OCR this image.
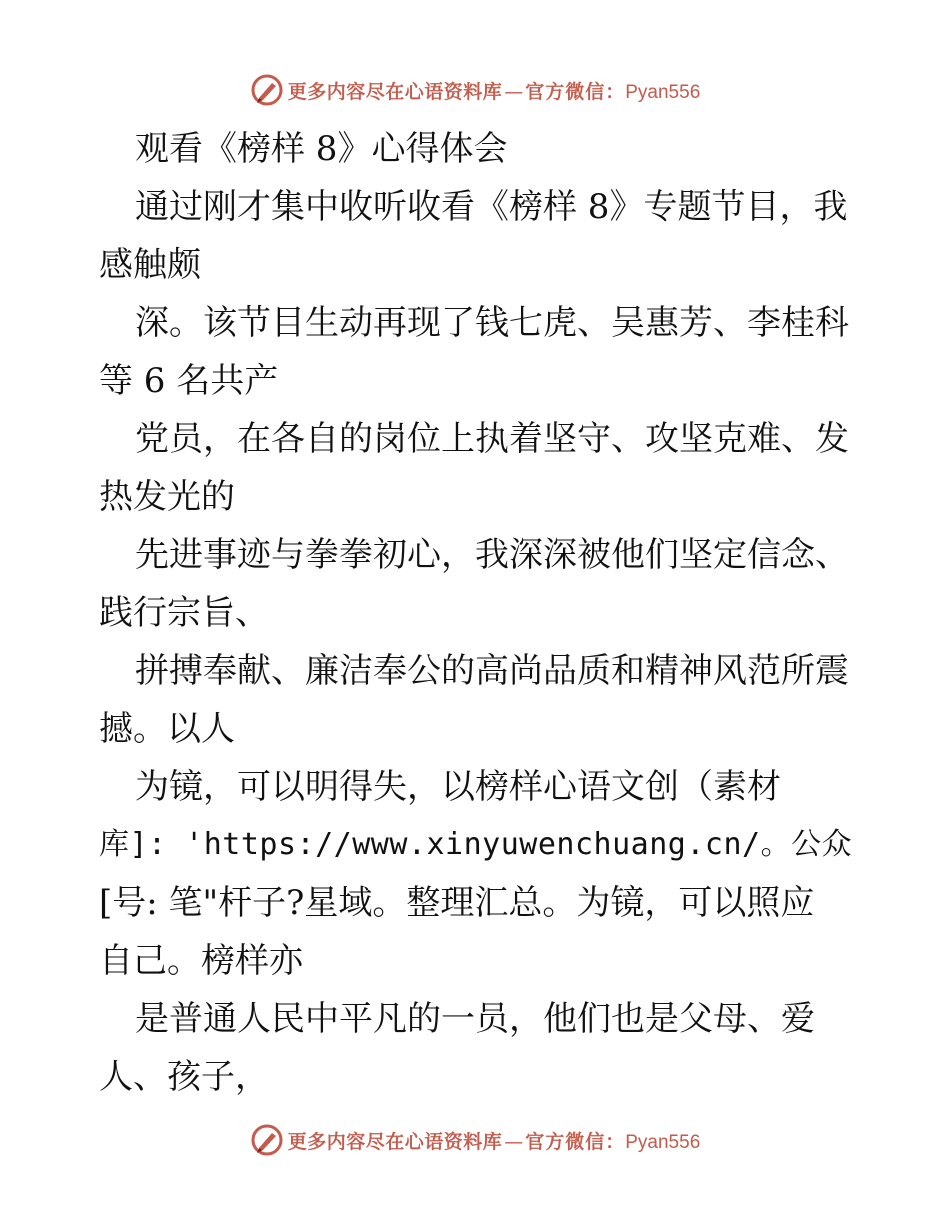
更多内容尽在心语资料库 — 官方微信： Pyan556
观看《榜样 8》心得体会
通过刚才集中收听收看《榜样 8》专题节目，我
感触颇
深。该节目生动再现了钱七虎、吴惠芳、李桂科
等 6 名共产
党员，在各自的岗位上执着坚守、攻坚克难、发
热发光的
先进事迹与拳拳初心，我深深被他们坚定信念、
践行宗旨、
拼搏奉献、廉洁奉公的高尚品质和精神风范所震
撼。以人
为镜，可以明得失，以榜样心语文创（素材
库]: 'https://www.xinyuwenchuang.cn/。公众
[号: 笔"杆子?星域。整理汇总。为镜，可以照应
自己。榜样亦
是普通人民中平凡的一员，他们也是父母、爱
人、孩子，
更多内容尽在心语资料库 — 官方微信： Pyan556
